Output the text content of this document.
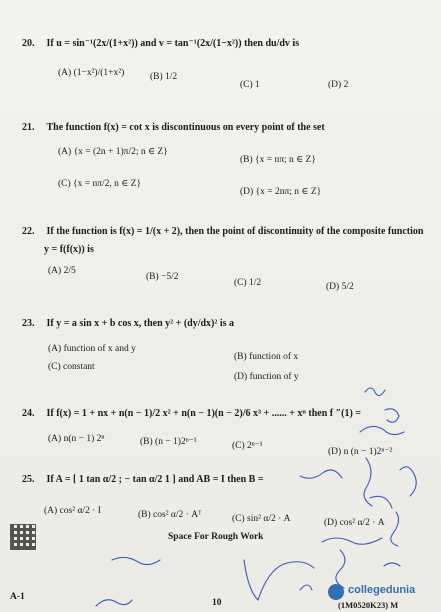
20. If u = sin⁻¹(2x/(1+x²)) and v = tan⁻¹(2x/(1−x²)) then du/dv is
(A) (1−x²)/(1+x²)	(B) 1/2
(C) 1	(D) 2
21. The function f(x) = cot x is discontinuous on every point of the set
(A) {x = (2n + 1)π/2; n ∈ Z}
(B) {x = nπ; n ∈ Z}
(C) {x = nπ/2, n ∈ Z}
(D) {x = 2nπ; n ∈ Z}
22. If the function is f(x) = 1/(x + 2), then the point of discontinuity of the composite function
y = f(f(x)) is
(A) 2/5
(B) −5/2
(C) 1/2	(D) 5/2
23. If y = a sin x + b cos x, then y² + (dy/dx)² is a
(A) function of x and y
(B) function of x
(C) constant
(D) function of y
24. If f(x) = 1 + nx + n(n − 1)/2 x² + n(n − 1)(n − 2)/6 x³ + ...... + xⁿ then f ″(1) =
(A) n(n − 1) 2ⁿ	(B) (n − 1)2ⁿ⁻¹	(C) 2ⁿ⁻¹
(D) n (n − 1)2ⁿ⁻²
25. If A = [ 1 tan α/2 ; − tan α/2 1 ] and AB = I then B =
(A) cos² α/2 · I	(B) cos² α/2 · Aᵀ	(C) sin² α/2 · A	(D) cos² α/2 · A
Space For Rough Work
A-1
10	(1M0520K23) M
collegedunia
